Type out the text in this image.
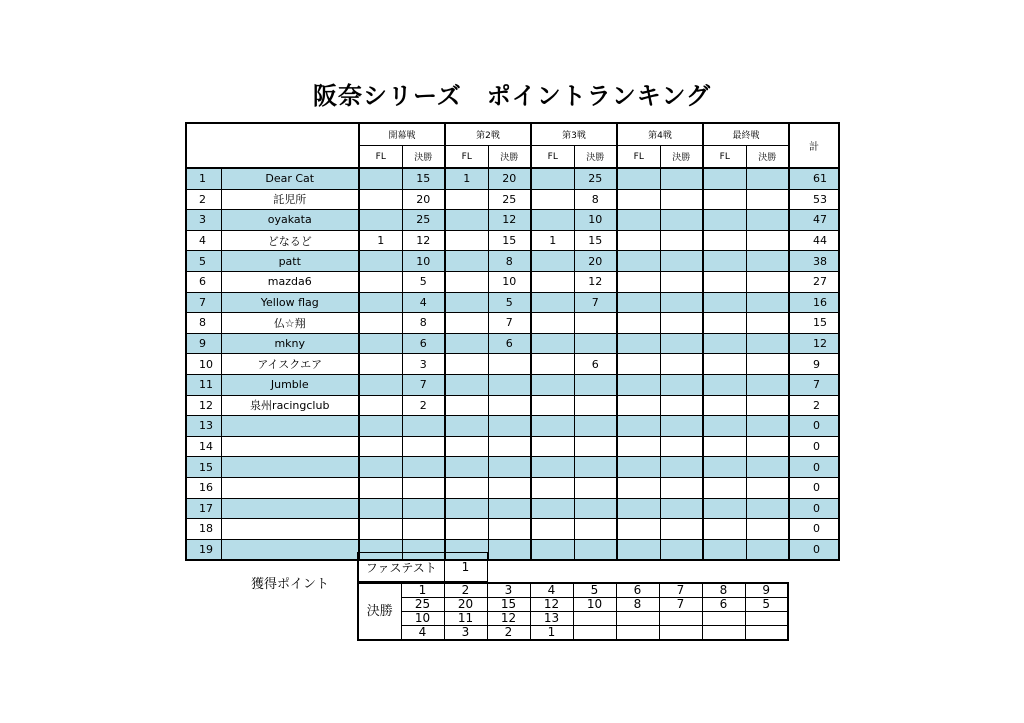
阪奈シリーズ　ポイントランキング
		開幕戦		第2戦		第3戦		第4戦		最終戦		計
		FL	決勝	FL	決勝	FL	決勝	FL	決勝	FL	決勝	
1	Dear Cat		15	1	20		25					61
2	託児所		20		25		8					53
3	oyakata		25		12		10					47
4	どなるど	1	12		15	1	15					44
5	patt		10		8		20					38
6	mazda6		5		10		12					27
7	Yellow flag		4		5		7					16
8	仏☆翔		8		7							15
9	mkny		6		6							12
10	アイスクエア		3				6					9
11	Jumble		7									7
12	泉州racingclub		2									2
13												0
14												0
15												0
16												0
17												0
18												0
19												0
獲得ポイント
ファステスト	1
決勝	1	2	3	4	5	6	7	8	9
	25	20	15	12	10	8	7	6	5
	10	11	12	13					
	4	3	2	1					
